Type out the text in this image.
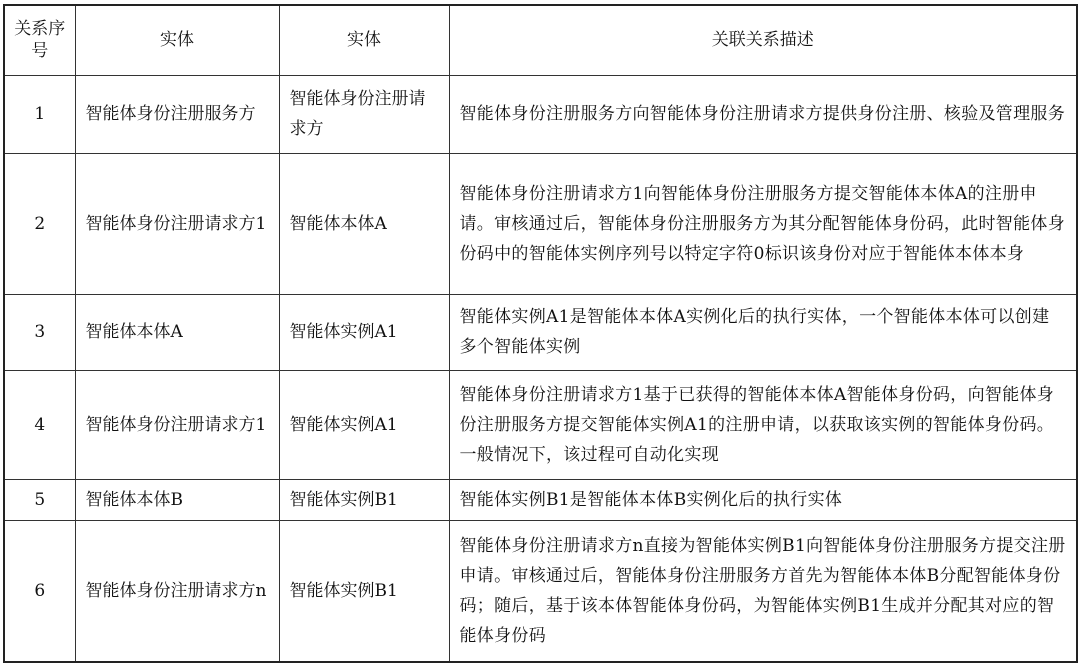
关系序号	实体	实体	关联关系描述
1	智能体身份注册服务方	智能体身份注册请求方	智能体身份注册服务方向智能体身份注册请求方提供身份注册、核验及管理服务
2	智能体身份注册请求方1	智能体本体A	智能体身份注册请求方1向智能体身份注册服务方提交智能体本体A的注册申请。审核通过后，智能体身份注册服务方为其分配智能体身份码，此时智能体身份码中的智能体实例序列号以特定字符0标识该身份对应于智能体本体本身
3	智能体本体A	智能体实例A1	智能体实例A1是智能体本体A实例化后的执行实体，一个智能体本体可以创建多个智能体实例
4	智能体身份注册请求方1	智能体实例A1	智能体身份注册请求方1基于已获得的智能体本体A智能体身份码，向智能体身份注册服务方提交智能体实例A1的注册申请，以获取该实例的智能体身份码。一般情况下，该过程可自动化实现
5	智能体本体B	智能体实例B1	智能体实例B1是智能体本体B实例化后的执行实体
6	智能体身份注册请求方n	智能体实例B1	智能体身份注册请求方n直接为智能体实例B1向智能体身份注册服务方提交注册申请。审核通过后，智能体身份注册服务方首先为智能体本体B分配智能体身份码；随后，基于该本体智能体身份码，为智能体实例B1生成并分配其对应的智能体身份码
